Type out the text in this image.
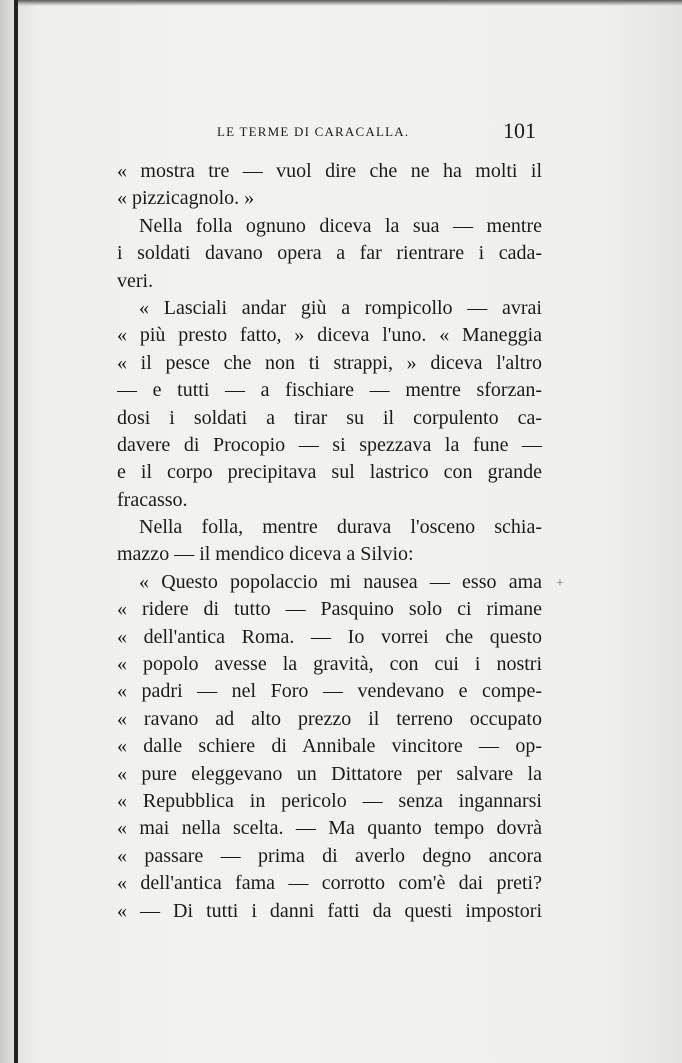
LE TERME DI CARACALLA.	101
« mostra tre — vuol dire che ne ha molti il
« pizzicagnolo. »
Nella folla ognuno diceva la sua — mentre
i soldati davano opera a far rientrare i cada-
veri.
« Lasciali andar giù a rompicollo — avrai
« più presto fatto, » diceva l'uno. « Maneggia
« il pesce che non ti strappi, » diceva l'altro
— e tutti — a fischiare — mentre sforzan-
dosi i soldati a tirar su il corpulento ca-
davere di Procopio — si spezzava la fune —
e il corpo precipitava sul lastrico con grande
fracasso.
Nella folla, mentre durava l'osceno schia-
mazzo — il mendico diceva a Silvio:
« Questo popolaccio mi nausea — esso ama
« ridere di tutto — Pasquino solo ci rimane
« dell'antica Roma. — Io vorrei che questo
« popolo avesse la gravità, con cui i nostri
« padri — nel Foro — vendevano e compe-
« ravano ad alto prezzo il terreno occupato
« dalle schiere di Annibale vincitore — op-
« pure eleggevano un Dittatore per salvare la
« Repubblica in pericolo — senza ingannarsi
« mai nella scelta. — Ma quanto tempo dovrà
« passare — prima di averlo degno ancora
« dell'antica fama — corrotto com'è dai preti?
« — Di tutti i danni fatti da questi impostori
+
